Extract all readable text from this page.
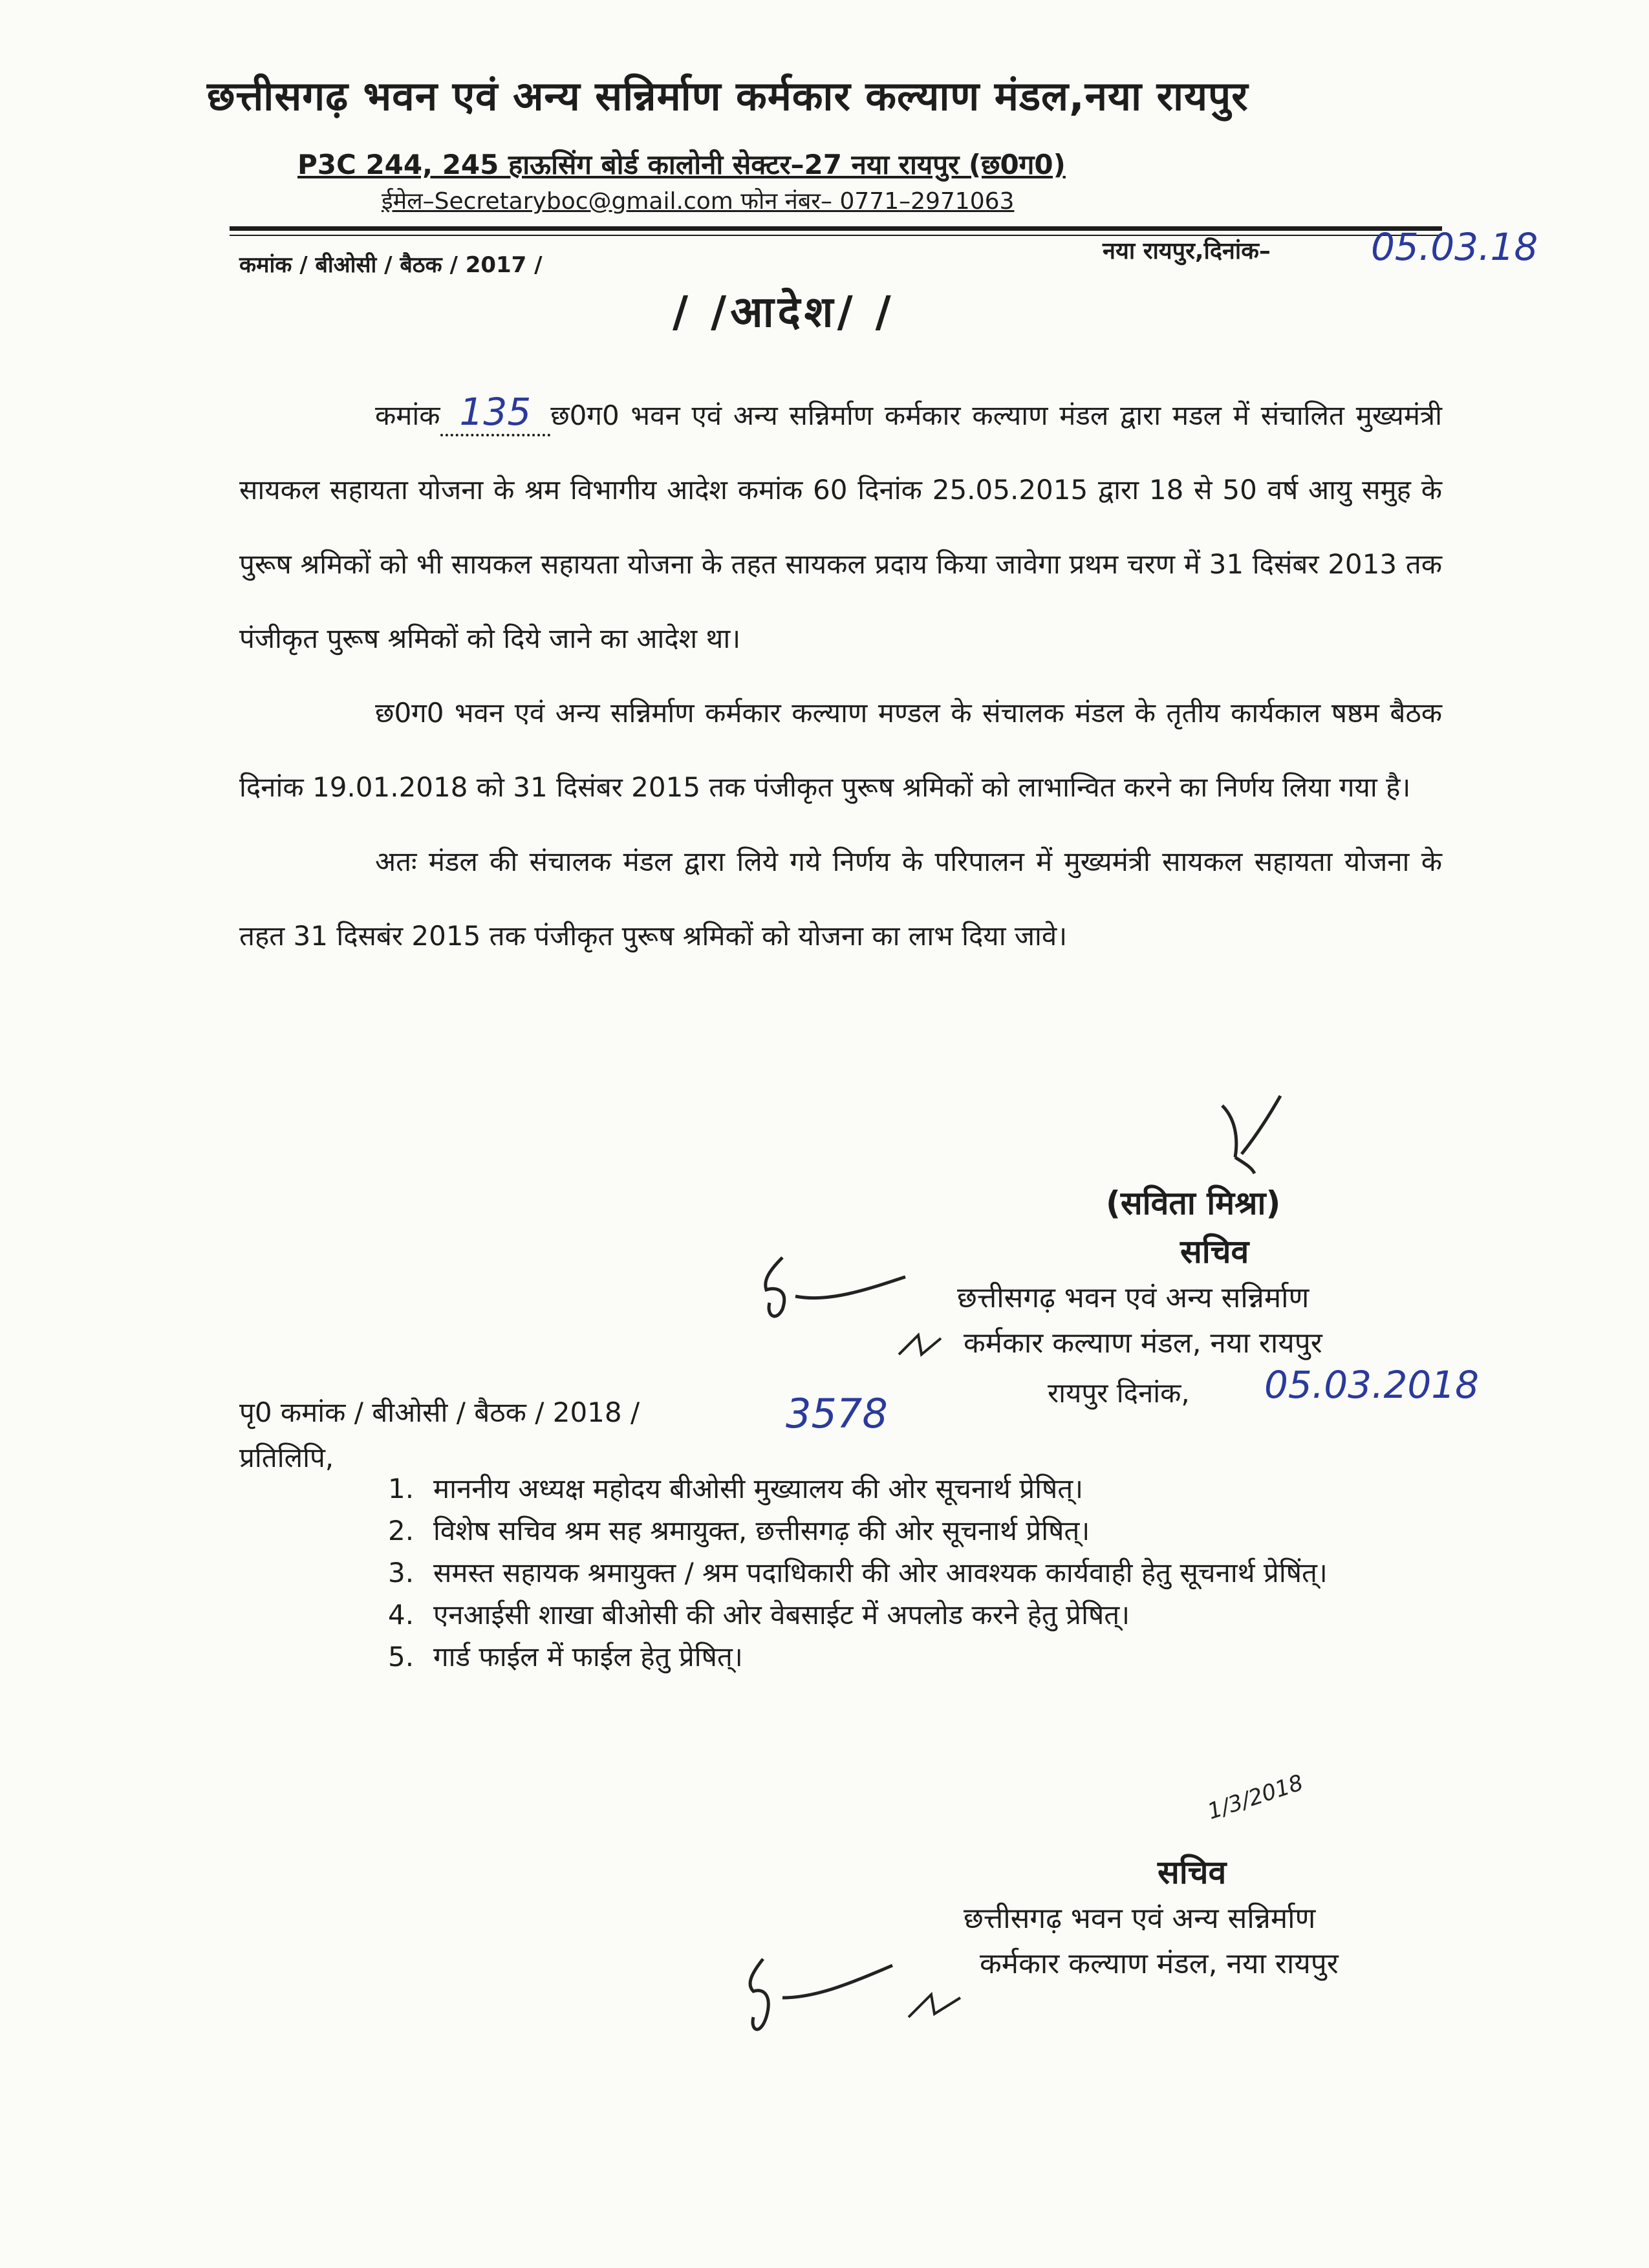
छत्तीसगढ़ भवन एवं अन्य सन्निर्माण कर्मकार कल्याण मंडल,नया रायपुर
P3C 244, 245 हाऊसिंग बोर्ड कालोनी सेक्टर–27 नया रायपुर (छ0ग0)
ईमेल–Secretaryboc@gmail.com फोन नंबर– 0771–2971063
कमांक / बीओसी / बैठक / 2017 /
नया रायपुर,दिनांक–	05.03.18
/ /आदेश/ /

कमांक 135 छ0ग0 भवन एवं अन्य सन्निर्माण कर्मकार कल्याण मंडल द्वारा मडल में संचालित मुख्यमंत्री सायकल सहायता योजना के श्रम विभागीय आदेश कमांक 60 दिनांक 25.05.2015 द्वारा 18 से 50 वर्ष आयु समुह के पुरूष श्रमिकों को भी सायकल सहायता योजना के तहत सायकल प्रदाय किया जावेगा प्रथम चरण में 31 दिसंबर 2013 तक पंजीकृत पुरूष श्रमिकों को दिये जाने का आदेश था।

छ0ग0 भवन एवं अन्य सन्निर्माण कर्मकार कल्याण मण्डल के संचालक मंडल के तृतीय कार्यकाल षष्ठम बैठक दिनांक 19.01.2018 को 31 दिसंबर 2015 तक पंजीकृत पुरूष श्रमिकों को लाभान्वित करने का निर्णय लिया गया है।

अतः मंडल की संचालक मंडल द्वारा लिये गये निर्णय के परिपालन में मुख्यमंत्री सायकल सहायता योजना के तहत 31 दिसबंर 2015 तक पंजीकृत पुरूष श्रमिकों को योजना का लाभ दिया जावे।

(सविता मिश्रा)
सचिव
छत्तीसगढ़ भवन एवं अन्य सन्निर्माण
कर्मकार कल्याण मंडल, नया रायपुर
पृ0 कमांक / बीओसी / बैठक / 2018 /	3578	रायपुर दिनांक, 05.03.2018
प्रतिलिपि,
1. माननीय अध्यक्ष महोदय बीओसी मुख्यालय की ओर सूचनार्थ प्रेषित्।
2. विशेष सचिव श्रम सह श्रमायुक्त, छत्तीसगढ़ की ओर सूचनार्थ प्रेषित्।
3. समस्त सहायक श्रमायुक्त / श्रम पदाधिकारी की ओर आवश्यक कार्यवाही हेतु सूचनार्थ प्रेषिंत्।
4. एनआईसी शाखा बीओसी की ओर वेबसाईट में अपलोड करने हेतु प्रेषित्।
5. गार्ड फाईल में फाईल हेतु प्रेषित्।
1/3/2018
सचिव
छत्तीसगढ़ भवन एवं अन्य सन्निर्माण
कर्मकार कल्याण मंडल, नया रायपुर
